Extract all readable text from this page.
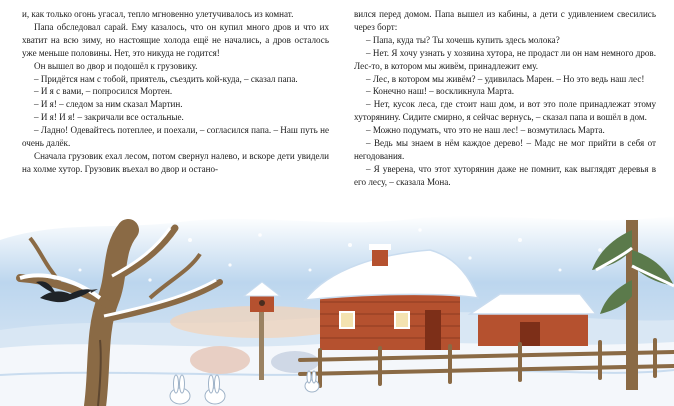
и, как только огонь угасал, тепло мгновенно улетучивалось из комнат.

Папа обследовал сарай. Ему казалось, что он купил много дров и что их хватит на всю зиму, но настоящие холода ещё не начались, а дров осталось уже меньше половины. Нет, это никуда не годится!

Он вышел во двор и подошёл к грузовику.

– Придётся нам с тобой, приятель, съездить кой-куда, – сказал папа.

– И я с вами, – попросился Мортен.

– И я! – следом за ним сказал Мартин.

– И я! И я! – закричали все остальные.

– Ладно! Одевайтесь потеплее, и поехали, – согласился папа. – Наш путь не очень далёк.

Сначала грузовик ехал лесом, потом свернул налево, и вскоре дети увидели на холме хутор. Грузовик въехал во двор и остано-

вился перед домом. Папа вышел из кабины, а дети с удивлением свесились через борт:

– Папа, куда ты? Ты хочешь купить здесь молока?

– Нет. Я хочу узнать у хозяина хутора, не продаст ли он нам немного дров. Лес-то, в котором мы живём, принадлежит ему.

– Лес, в котором мы живём? – удивилась Марен. – Но это ведь наш лес!

– Конечно наш! – воскликнула Марта.

– Нет, кусок леса, где стоит наш дом, и вот это поле принадлежат этому хуторянину. Сидите смирно, я сейчас вернусь, – сказал папа и вошёл в дом.

– Можно подумать, что это не наш лес! – возмутилась Марта.

– Ведь мы знаем в нём каждое дерево! – Мадс не мог прийти в себя от негодования.

– Я уверена, что этот хуторянин даже не помнит, как выглядят деревья в его лесу, – сказала Мона.
